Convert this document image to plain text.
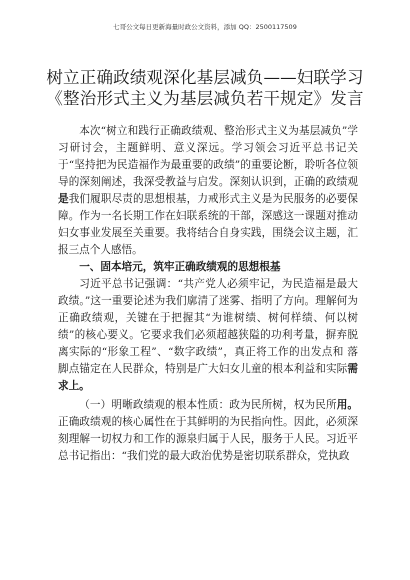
七哥公文每日更新海量时政公文资料，添加 QQ：2500117509
树立正确政绩观深化基层减负——妇联学习
《整治形式主义为基层减负若干规定》发言

本次“树立和践行正确政绩观、整治形式主义为基层减负”学习研讨会，主题鲜明、意义深远。学习领会习近平总书记关于“坚持把为民造福作为最重要的政绩”的重要论断，聆听各位领 导的深刻阐述，我深受教益与启发。深刻认识到，正确的政绩观 是我们履职尽责的思想根基，力戒形式主义是为民服务的必要保障。作为一名长期工作在妇联系统的干部，深感这一课题对推动妇女事业发展至关重要。我将结合自身实践，围绕会议主题，汇报三点个人感悟。

一、固本培元，筑牢正确政绩观的思想根基

习近平总书记强调：“共产党人必须牢记，为民造福是最大政绩。”这一重要论述为我们廓清了迷雾、指明了方向。理解何为正确政绩观，关键在于把握其“为谁树绩、树何样绩、何以树绩”的核心要义。它要求我们必须超越狭隘的功利考量，摒弃脱离实际的“形象工程”、“数字政绩”，真正将工作的出发点和 落脚点锚定在人民群众，特别是广大妇女儿童的根本利益和实际需求上。

（一）明晰政绩观的根本性质：政为民所树，权为民所用。正确政绩观的核心属性在于其鲜明的为民指向性。因此，必须深刻理解一切权力和工作的源泉归属于人民，服务于人民。习近平总书记指出：“我们党的最大政治优势是密切联系群众，党执政
